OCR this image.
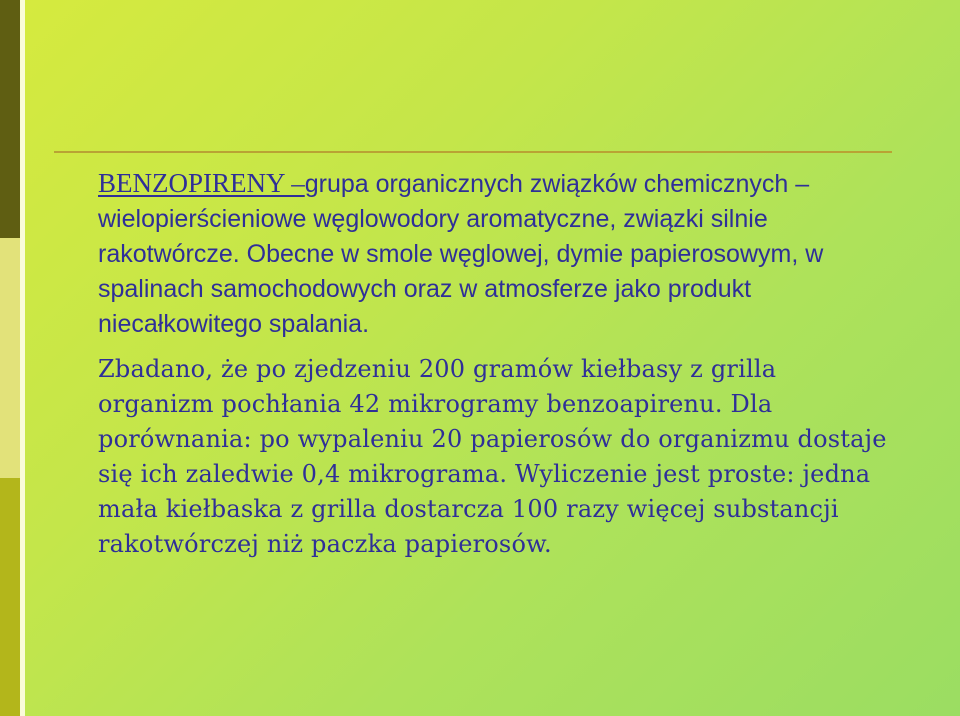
BENZOPIRENY –grupa organicznych związków chemicznych – wielopierścieniowe węglowodory aromatyczne, związki silnie rakotwórcze. Obecne w smole węglowej, dymie papierosowym, w spalinach samochodowych oraz w atmosferze jako produkt niecałkowitego spalania.

Zbadano, że po zjedzeniu 200 gramów kiełbasy z grilla organizm pochłania 42 mikrogramy benzoapirenu. Dla porównania: po wypaleniu 20 papierosów do organizmu dostaje się ich zaledwie 0,4 mikrograma. Wyliczenie jest proste: jedna mała kiełbaska z grilla dostarcza 100 razy więcej substancji rakotwórczej niż paczka papierosów.
